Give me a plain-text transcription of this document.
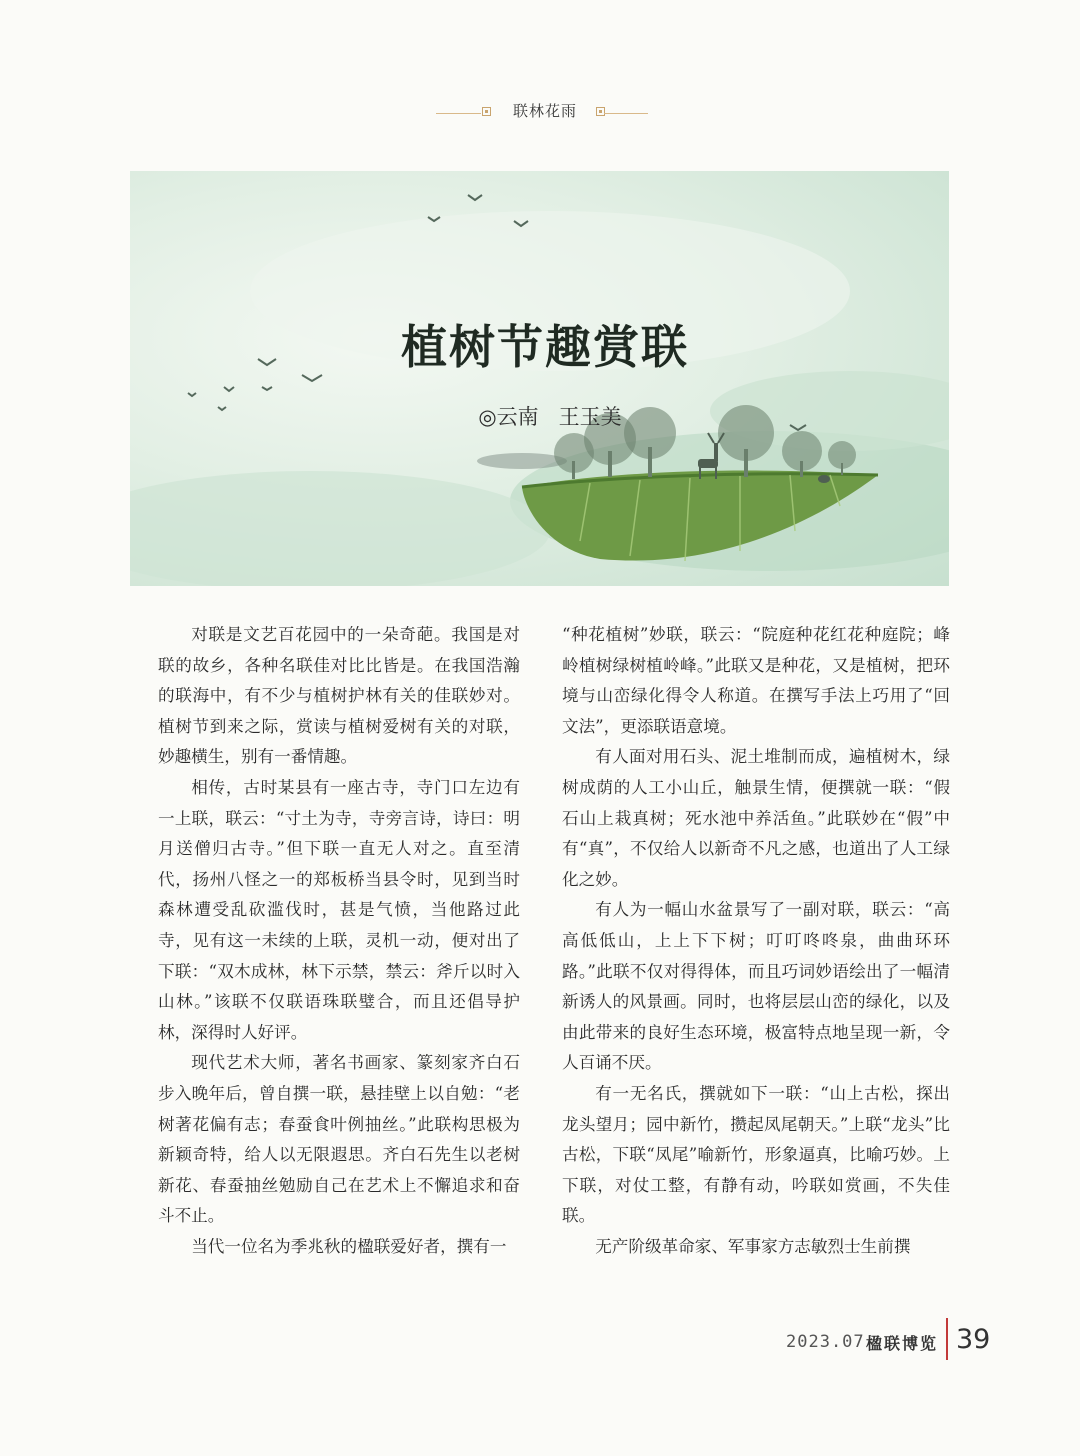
联林花雨
植树节趣赏联
◎云南 王玉美

对联是文艺百花园中的一朵奇葩。我国是对联的故乡，各种名联佳对比比皆是。在我国浩瀚的联海中，有不少与植树护林有关的佳联妙对。植树节到来之际，赏读与植树爱树有关的对联，妙趣横生，别有一番情趣。

相传，古时某县有一座古寺，寺门口左边有一上联，联云：“寸土为寺，寺旁言诗，诗曰：明月送僧归古寺。”但下联一直无人对之。直至清代，扬州八怪之一的郑板桥当县令时，见到当时森林遭受乱砍滥伐时，甚是气愤，当他路过此寺，见有这一未续的上联，灵机一动，便对出了下联：“双木成林，林下示禁，禁云：斧斤以时入山林。”该联不仅联语珠联璧合，而且还倡导护林，深得时人好评。

现代艺术大师，著名书画家、篆刻家齐白石步入晚年后，曾自撰一联，悬挂壁上以自勉：“老树著花偏有志；春蚕食叶例抽丝。”此联构思极为新颖奇特，给人以无限遐思。齐白石先生以老树新花、春蚕抽丝勉励自己在艺术上不懈追求和奋斗不止。

当代一位名为季兆秋的楹联爱好者，撰有一

“种花植树”妙联，联云：“院庭种花红花种庭院；峰岭植树绿树植岭峰。”此联又是种花，又是植树，把环境与山峦绿化得令人称道。在撰写手法上巧用了“回文法”，更添联语意境。

有人面对用石头、泥土堆制而成，遍植树木，绿树成荫的人工小山丘，触景生情，便撰就一联：“假石山上栽真树；死水池中养活鱼。”此联妙在“假”中有“真”，不仅给人以新奇不凡之感，也道出了人工绿化之妙。

有人为一幅山水盆景写了一副对联，联云：“高高低低山，上上下下树；叮叮咚咚泉，曲曲环环路。”此联不仅对得得体，而且巧词妙语绘出了一幅清新诱人的风景画。同时，也将层层山峦的绿化，以及由此带来的良好生态环境，极富特点地呈现一新，令人百诵不厌。

有一无名氏，撰就如下一联：“山上古松，探出龙头望月；园中新竹，攒起凤尾朝天。”上联“龙头”比古松，下联“凤尾”喻新竹，形象逼真，比喻巧妙。上下联，对仗工整，有静有动，吟联如赏画，不失佳联。

无产阶级革命家、军事家方志敏烈士生前撰

2023.07 楹联博览 39
